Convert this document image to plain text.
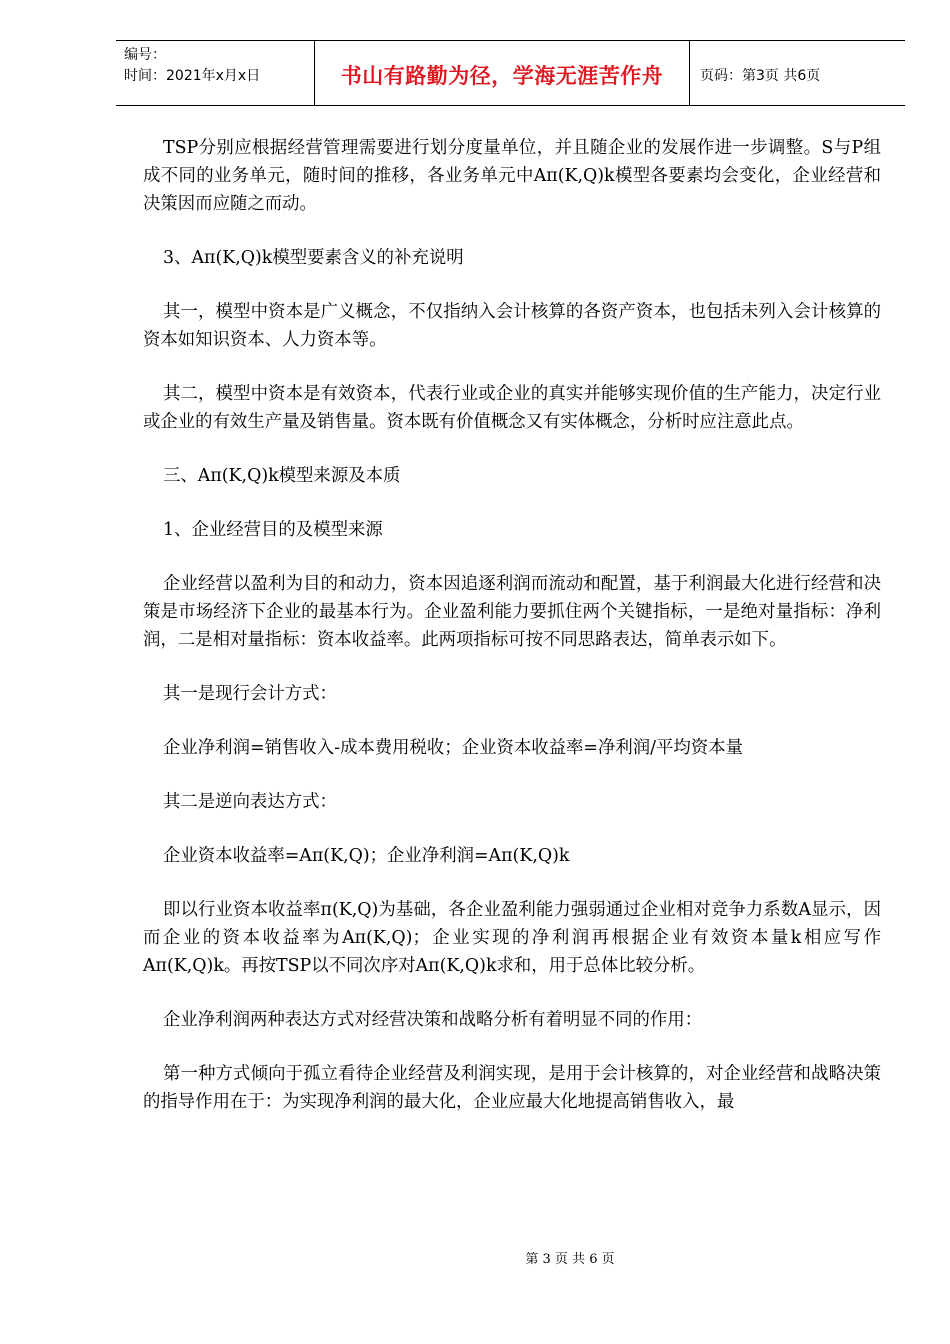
编号：
时间：2021年x月x日	书山有路勤为径，学海无涯苦作舟	页码：第3页 共6页

TSP分别应根据经营管理需要进行划分度量单位，并且随企业的发展作进一步调整。S与P组成不同的业务单元，随时间的推移，各业务单元中Aπ(K,Q)k模型各要素均会变化，企业经营和决策因而应随之而动。

3、Aπ(K,Q)k模型要素含义的补充说明

其一，模型中资本是广义概念，不仅指纳入会计核算的各资产资本，也包括未列入会计核算的资本如知识资本、人力资本等。

其二，模型中资本是有效资本，代表行业或企业的真实并能够实现价值的生产能力，决定行业或企业的有效生产量及销售量。资本既有价值概念又有实体概念，分析时应注意此点。

三、Aπ(K,Q)k模型来源及本质

1、企业经营目的及模型来源

企业经营以盈利为目的和动力，资本因追逐利润而流动和配置，基于利润最大化进行经营和决策是市场经济下企业的最基本行为。企业盈利能力要抓住两个关键指标，一是绝对量指标：净利润，二是相对量指标：资本收益率。此两项指标可按不同思路表达，简单表示如下。

其一是现行会计方式：

企业净利润=销售收入-成本费用税收；企业资本收益率=净利润/平均资本量

其二是逆向表达方式：

企业资本收益率=Aπ(K,Q)；企业净利润=Aπ(K,Q)k

即以行业资本收益率π(K,Q)为基础，各企业盈利能力强弱通过企业相对竞争力系数A显示，因而企业的资本收益率为Aπ(K,Q)；企业实现的净利润再根据企业有效资本量k相应写作Aπ(K,Q)k。再按TSP以不同次序对Aπ(K,Q)k求和，用于总体比较分析。

企业净利润两种表达方式对经营决策和战略分析有着明显不同的作用：

第一种方式倾向于孤立看待企业经营及利润实现，是用于会计核算的，对企业经营和战略决策的指导作用在于：为实现净利润的最大化，企业应最大化地提高销售收入，最

第 3 页 共 6 页
